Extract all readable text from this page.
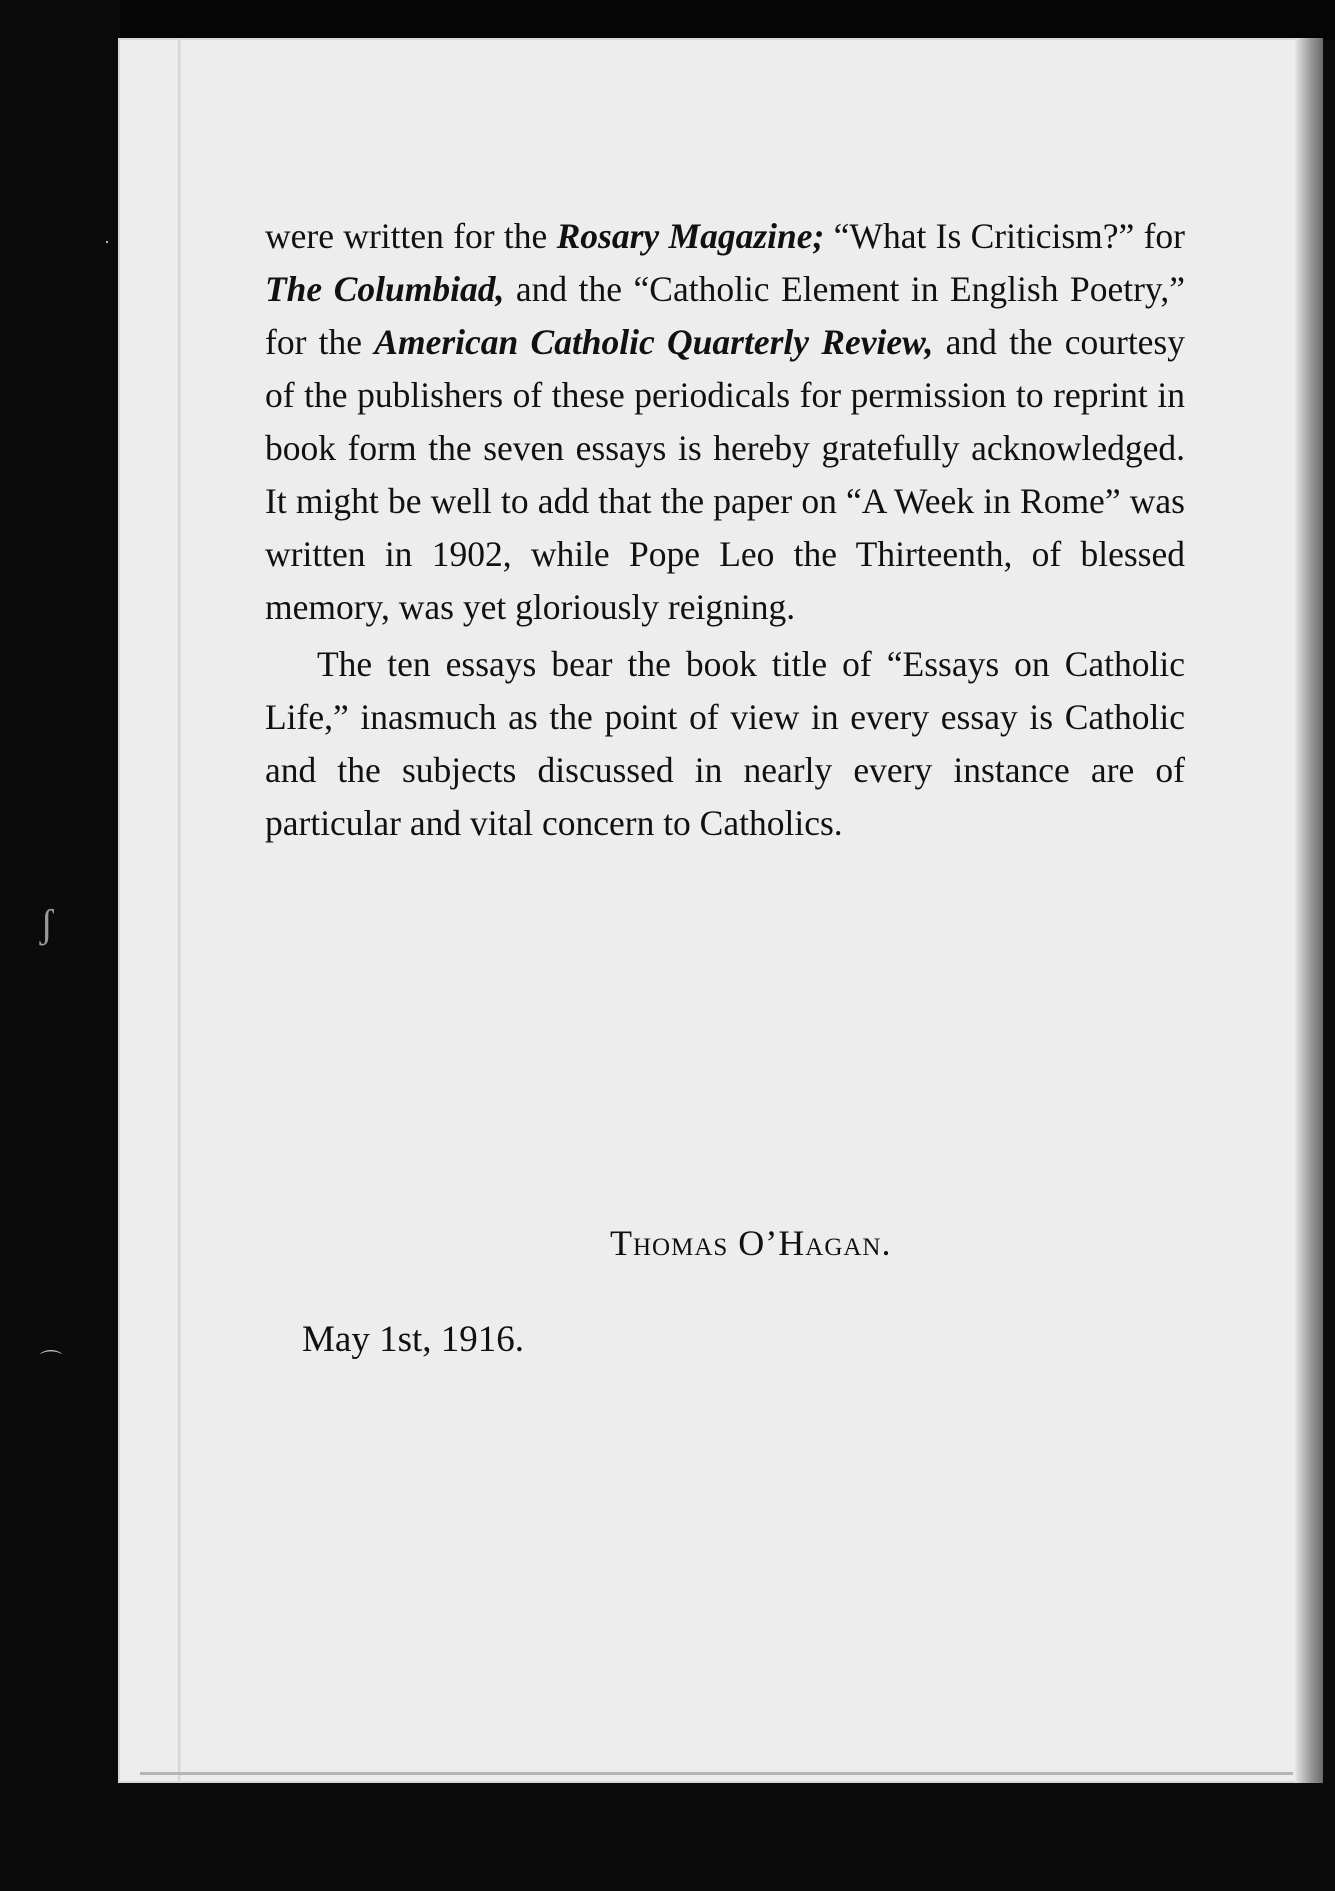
were written for the Rosary Magazine; “What Is Criticism?” for The Columbiad, and the “Catholic Element in English Poetry,” for the American Catholic Quarterly Review, and the courtesy of the publishers of these periodicals for permission to reprint in book form the seven essays is hereby gratefully acknowledged. It might be well to add that the paper on “A Week in Rome” was written in 1902, while Pope Leo the Thirteenth, of blessed memory, was yet gloriously reigning.

The ten essays bear the book title of “Essays on Catholic Life,” inasmuch as the point of view in every essay is Catholic and the subjects discussed in nearly every instance are of particular and vital concern to Catholics.

Thomas O’Hagan.
May 1st, 1916.
·
ʃ
⌒
